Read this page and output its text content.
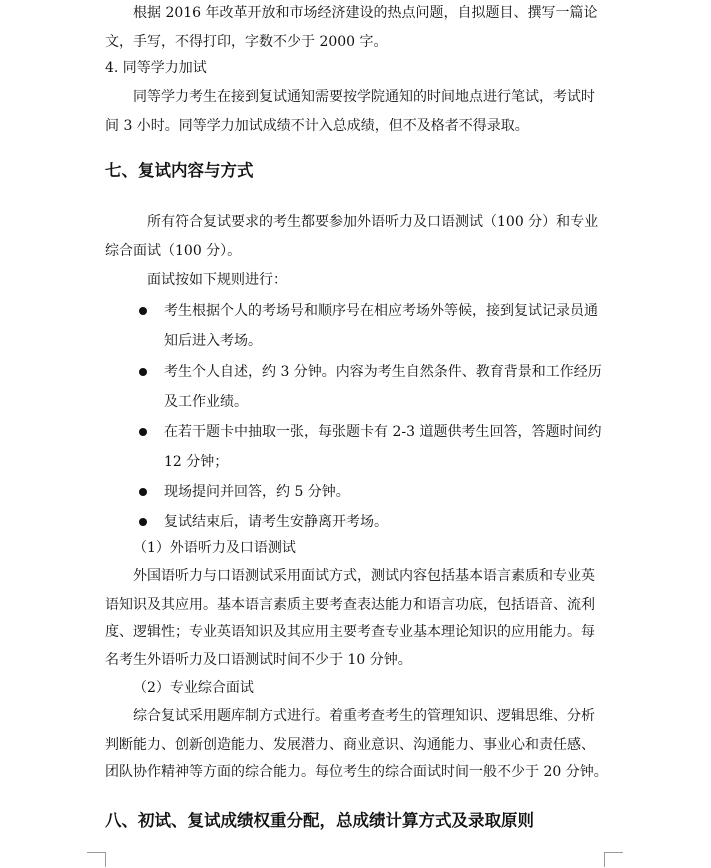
根据 2016 年改革开放和市场经济建设的热点问题，自拟题目、撰写一篇论
文，手写，不得打印，字数不少于 2000 字。
4. 同等学力加试
同等学力考生在接到复试通知需要按学院通知的时间地点进行笔试，考试时
间 3 小时。同等学力加试成绩不计入总成绩，但不及格者不得录取。
七、复试内容与方式
所有符合复试要求的考生都要参加外语听力及口语测试（100 分）和专业
综合面试（100 分）。
面试按如下规则进行：
考生根据个人的考场号和顺序号在相应考场外等候，接到复试记录员通
知后进入考场。
考生个人自述，约 3 分钟。内容为考生自然条件、教育背景和工作经历
及工作业绩。
在若干题卡中抽取一张，每张题卡有 2-3 道题供考生回答，答题时间约
12 分钟；
现场提问并回答，约 5 分钟。
复试结束后，请考生安静离开考场。
（1）外语听力及口语测试
外国语听力与口语测试采用面试方式，测试内容包括基本语言素质和专业英
语知识及其应用。基本语言素质主要考查表达能力和语言功底，包括语音、流利
度、逻辑性；专业英语知识及其应用主要考查专业基本理论知识的应用能力。每
名考生外语听力及口语测试时间不少于 10 分钟。
（2）专业综合面试
综合复试采用题库制方式进行。着重考查考生的管理知识、逻辑思维、分析
判断能力、创新创造能力、发展潜力、商业意识、沟通能力、事业心和责任感、
团队协作精神等方面的综合能力。每位考生的综合面试时间一般不少于 20 分钟。
八、初试、复试成绩权重分配，总成绩计算方式及录取原则
